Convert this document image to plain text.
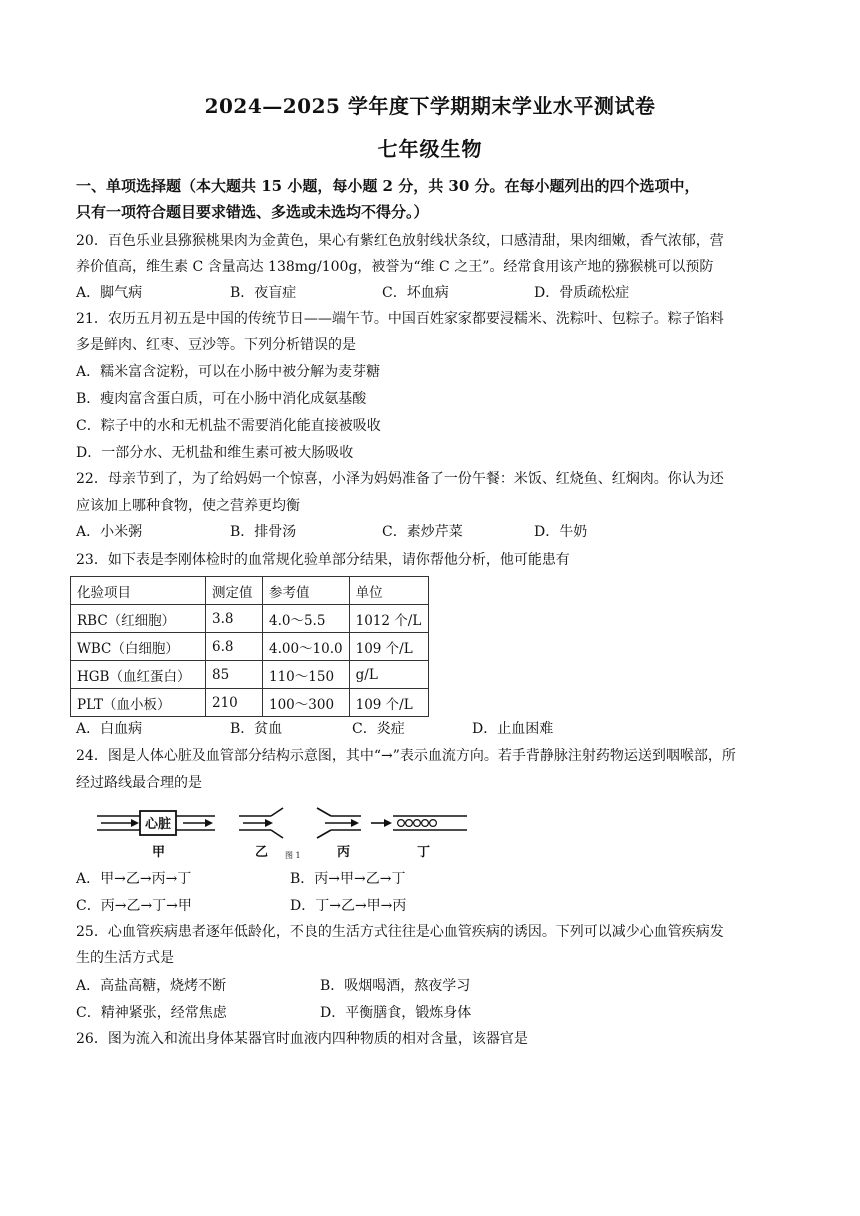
2024—2025 学年度下学期期末学业水平测试卷
七年级生物
一、单项选择题（本大题共 15 小题，每小题 2 分，共 30 分。在每小题列出的四个选项中，
只有一项符合题目要求错选、多选或未选均不得分。）
20．百色乐业县猕猴桃果肉为金黄色，果心有紫红色放射线状条纹，口感清甜，果肉细嫩，香气浓郁，营
养价值高，维生素 C 含量高达 138mg/100g，被誉为“维 C 之王”。经常食用该产地的猕猴桃可以预防
A．脚气病	B．夜盲症	C．坏血病	D．骨质疏松症
21．农历五月初五是中国的传统节日——端午节。中国百姓家家都要浸糯米、洗粽叶、包粽子。粽子馅料
多是鲜肉、红枣、豆沙等。下列分析错误的是
A．糯米富含淀粉，可以在小肠中被分解为麦芽糖
B．瘦肉富含蛋白质，可在小肠中消化成氨基酸
C．粽子中的水和无机盐不需要消化能直接被吸收
D．一部分水、无机盐和维生素可被大肠吸收
22．母亲节到了，为了给妈妈一个惊喜，小泽为妈妈准备了一份午餐：米饭、红烧鱼、红焖肉。你认为还
应该加上哪种食物，使之营养更均衡
A．小米粥	B．排骨汤	C．素炒芹菜	D．牛奶
23．如下表是李刚体检时的血常规化验单部分结果，请你帮他分析，他可能患有
化验项目	测定值	参考值	单位
RBC（红细胞）	3.8	4.0～5.5	1012 个/L
WBC（白细胞）	6.8	4.00～10.0	109 个/L
HGB（血红蛋白）	85	110～150	g/L
PLT（血小板）	210	100～300	109 个/L
A．白血病	B．贫血	C．炎症	D．止血困难
24．图是人体心脏及血管部分结构示意图，其中“→”表示血流方向。若手背静脉注射药物运送到咽喉部，所
经过路线最合理的是
心脏
甲	乙 图 1	丙	丁
A．甲→乙→丙→丁	B．丙→甲→乙→丁
C．丙→乙→丁→甲	D．丁→乙→甲→丙
25．心血管疾病患者逐年低龄化，不良的生活方式往往是心血管疾病的诱因。下列可以减少心血管疾病发
生的生活方式是
A．高盐高糖，烧烤不断	B．吸烟喝酒，熬夜学习
C．精神紧张，经常焦虑	D．平衡膳食，锻炼身体
26．图为流入和流出身体某器官时血液内四种物质的相对含量，该器官是
